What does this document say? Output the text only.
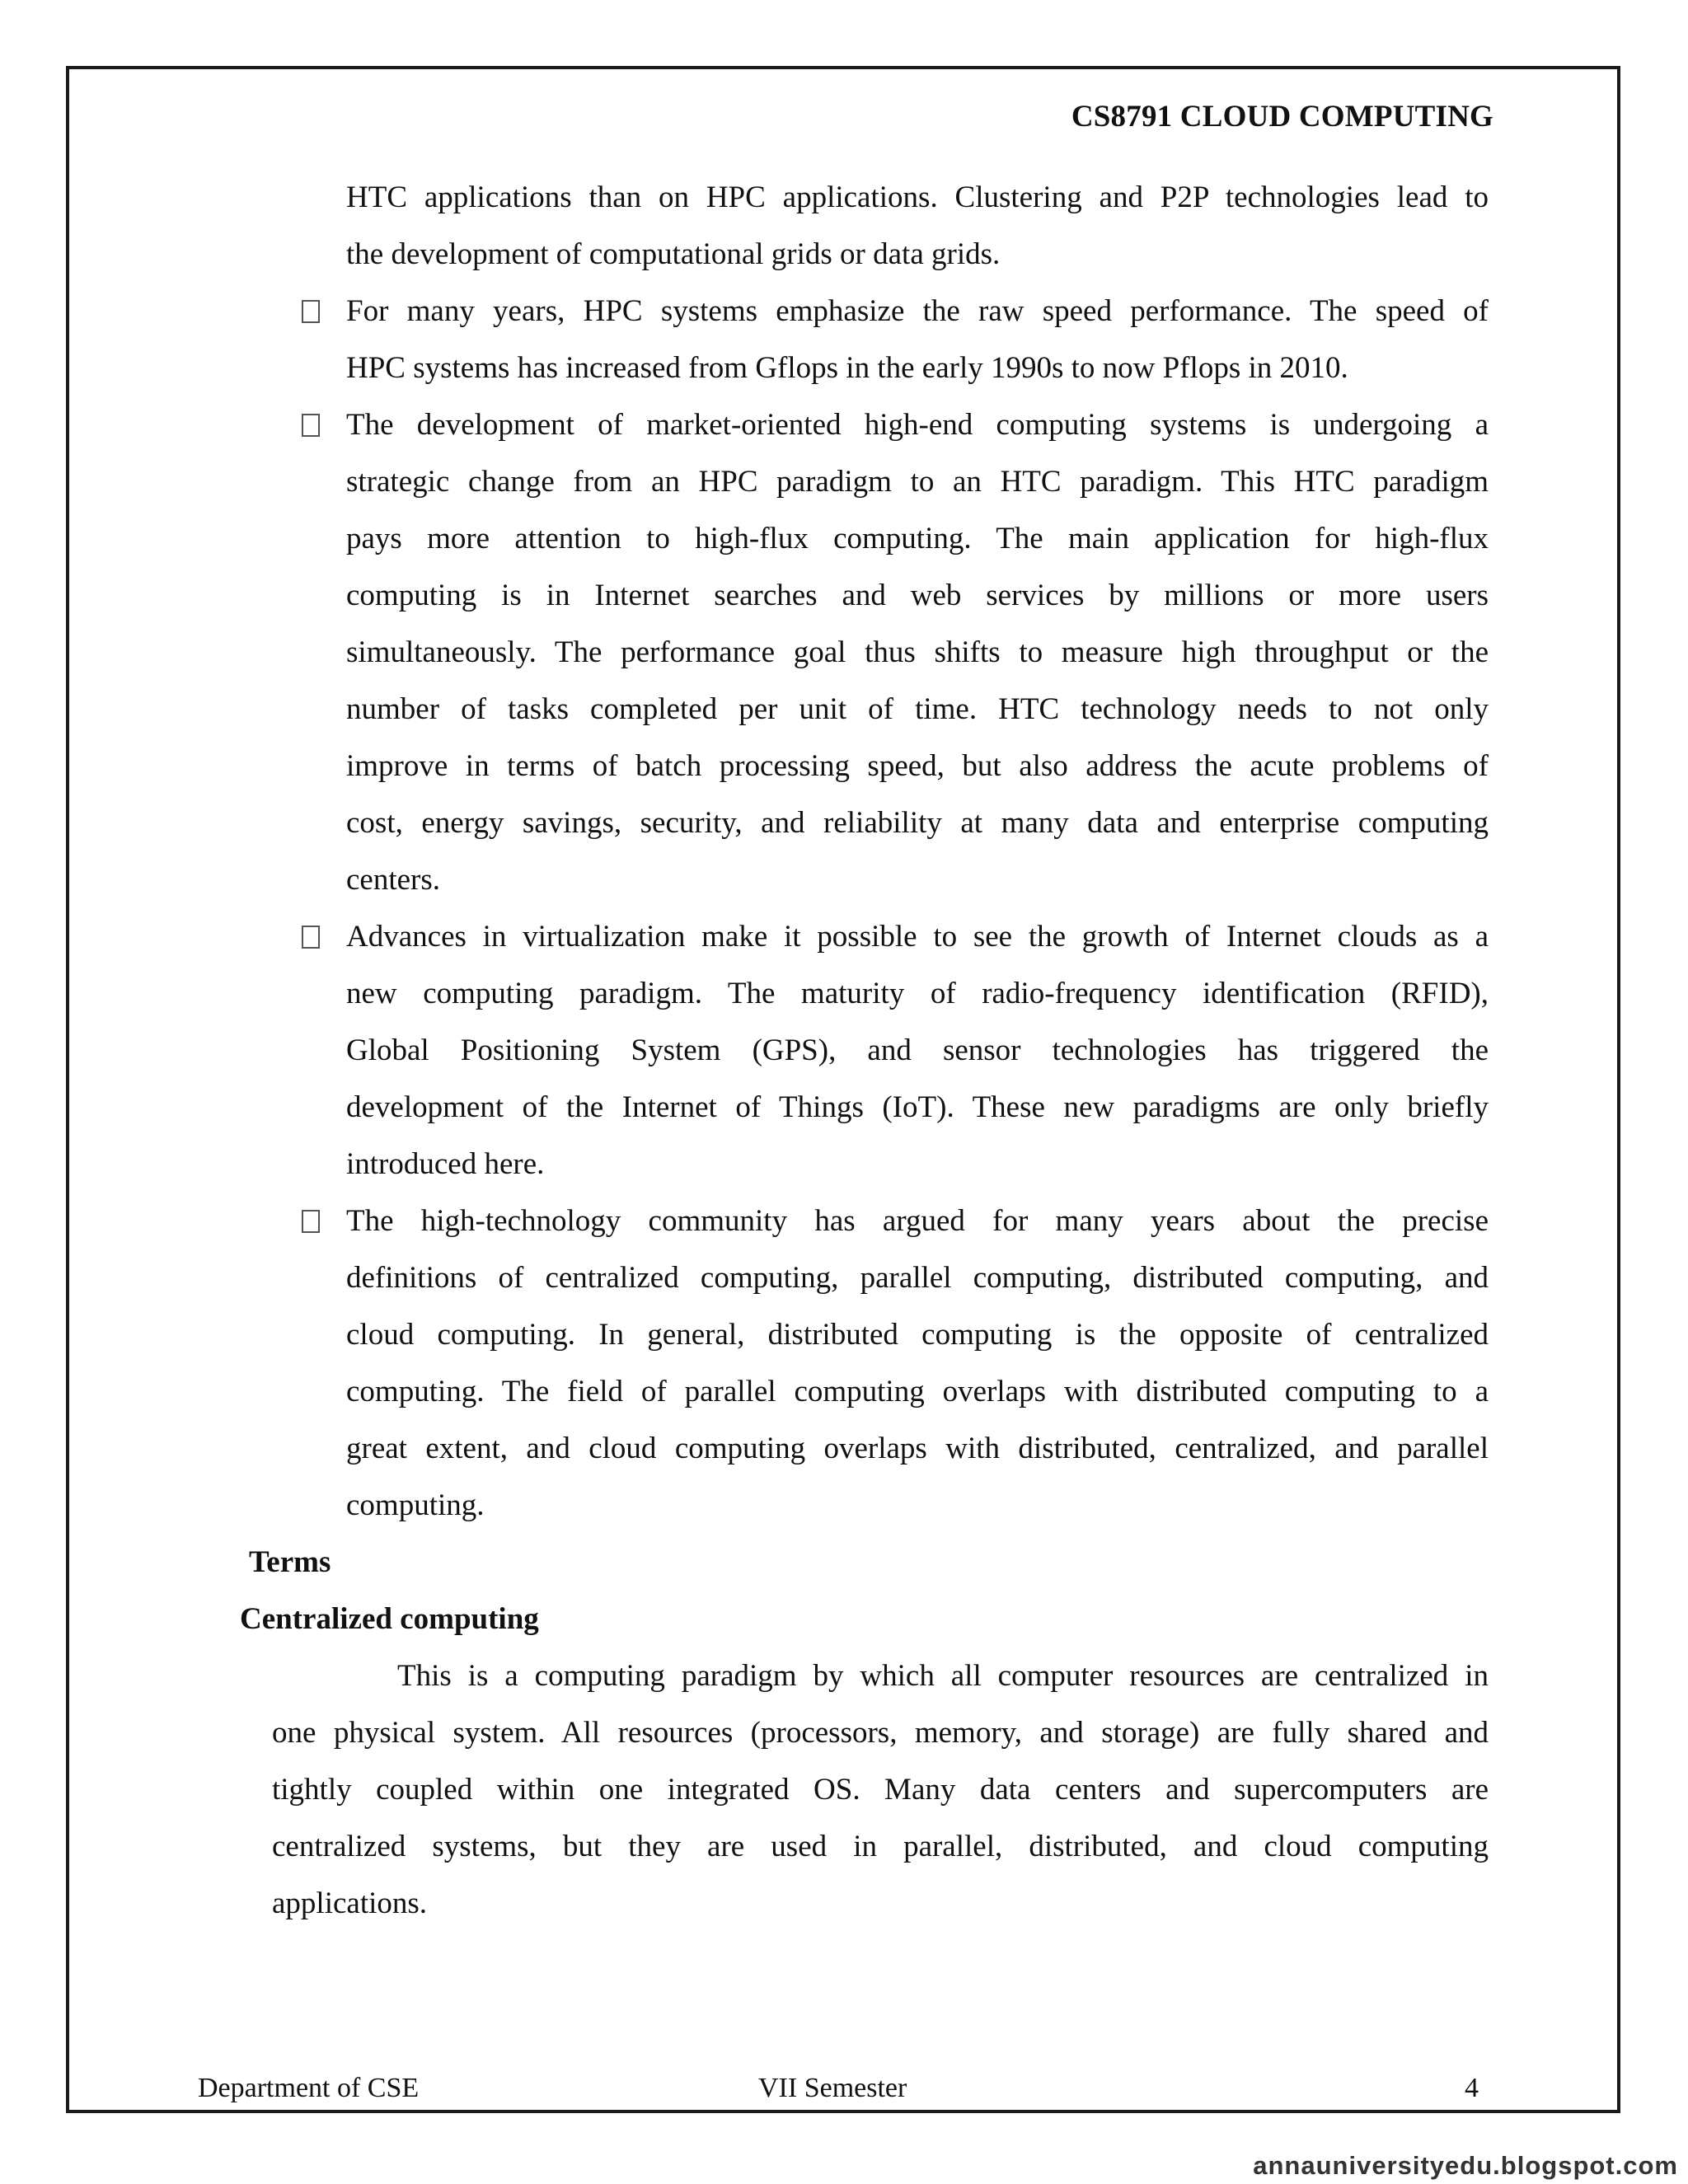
CS8791 CLOUD COMPUTING
HTC applications than on HPC applications. Clustering and P2P technologies lead to
the development of computational grids or data grids.
For many years, HPC systems emphasize the raw speed performance. The speed of
HPC systems has increased from Gflops in the early 1990s to now Pflops in 2010.
The development of market-oriented high-end computing systems is undergoing a
strategic change from an HPC paradigm to an HTC paradigm. This HTC paradigm
pays more attention to high-flux computing. The main application for high-flux
computing is in Internet searches and web services by millions or more users
simultaneously. The performance goal thus shifts to measure high throughput or the
number of tasks completed per unit of time. HTC technology needs to not only
improve in terms of batch processing speed, but also address the acute problems of
cost, energy savings, security, and reliability at many data and enterprise computing
centers.
Advances in virtualization make it possible to see the growth of Internet clouds as a
new computing paradigm. The maturity of radio-frequency identification (RFID),
Global Positioning System (GPS), and sensor technologies has triggered the
development of the Internet of Things (IoT). These new paradigms are only briefly
introduced here.
The high-technology community has argued for many years about the precise
definitions of centralized computing, parallel computing, distributed computing, and
cloud computing. In general, distributed computing is the opposite of centralized
computing. The field of parallel computing overlaps with distributed computing to a
great extent, and cloud computing overlaps with distributed, centralized, and parallel
computing.
Terms
Centralized computing
This is a computing paradigm by which all computer resources are centralized in
one physical system. All resources (processors, memory, and storage) are fully shared and
tightly coupled within one integrated OS. Many data centers and supercomputers are
centralized systems, but they are used in parallel, distributed, and cloud computing
applications.
Department of CSE	VII Semester	4
annauniversityedu.blogspot.com
